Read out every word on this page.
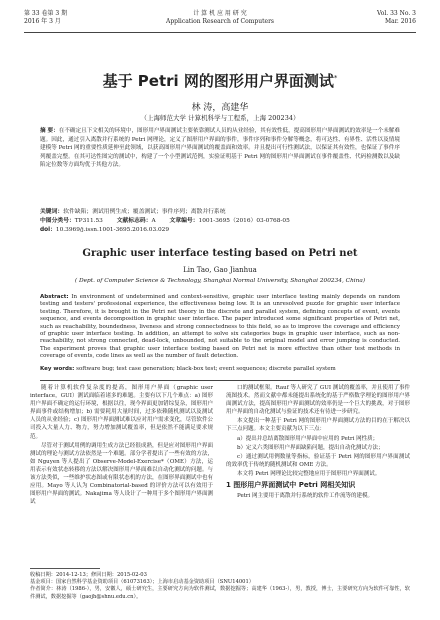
第 33 卷第 3 期
2016 年 3 月
计 算 机 应 用 研 究
Application Research of Computers
Vol. 33 No. 3
Mar. 2016
基于 Petri 网的图形用户界面测试*
林 涛，高建华
（上海师范大学 计算机科学与工程系，上海 200234）
摘 要：在不确定且下文相关的环境中，图形用户界面测试主要依靠测试人员的从业经验，其有效性低，提高图形用户界面测试的效率是一个未解难题。因此，通过引入离散并行系统的 Petri 网理论，定义了图形用户界面的事件，事件序列和事件分解等概念，将可达性、有界性、活性以及情境建模等 Petri 网的重要性质延伸至此领域，以获高图形用户界面测试的覆盖面和效率。并且提出可行性测试法，以保证其有效性，也保证了事件序列覆盖完整。在其可达性图完的测试中，构建了一个小型测试范例，实验证明基于 Petri 网的图形用户界面测试在事件覆盖性、代码检测数以及缺陷定位数等方面均优于其他方法。
关键词：软件缺陷；测试用例生成；覆盖测试；事件序列；离散并行系统
中图分类号：TP311.53 文献标志码：A 文章编号：1001-3695（2016）03-0768-05
doi：10.3969/j.issn.1001-3695.2016.03.029
Graphic user interface testing based on Petri net
Lin Tao, Gao Jianhua
( Dept. of Computer Science & Technology, Shanghai Normal University, Shanghai 200234, China)
Abstract: In environment of undetermined and context-sensitive, graphic user interface testing mainly depends on random testing and testers' professional experience, the effectiveness being low. It is an unresolved puzzle for graphic user interface testing. Therefore, it is brought in the Petri net theory in the discrete and parallel system, defining concepts of event, events sequence, and events decomposition in graphic user interface. The paper introduced some significant properties of Petri net, such as reachability, boundedness, liveness and strong connectedness to this field, so as to improve the coverage and efficiency of graphic user interface testing. In addition, an attempt to solve six categories bugs in graphic user interface, such as non-reachability, not strong connected, dead-lock, unbounded, not suitable to the original model and error jumping is conducted. The experiment proves that graphic user interface testing based on Petri net is more effective than other test methods in coverage of events, code lines as well as the number of fault detection.
Key words: software bug; test case generation; black-box test; event sequences; discrete parallel system

随着计算机软件复杂度的提高，图形用户界面（graphic user interface，GUI）测试面临着诸多的难题。主要有以下几个难点：a) 图形用户界面不确定的运行环境，根据以往，现今界面更加错综复杂，图形用户界面事件或结构增加；b) 需要耗用大量时间，过多依赖随机测试以及测试人员的从业经验；c) 图形用户界面测试难以应对用户需求变化，尽管软件公司投入大量人力、物力，努力增加测试覆盖率，但是依然不能满足要求规范。

尽管对于测试用例的调用生成方法已经很成熟，但是应对图形用户界面测试的理论与测试方法依然是一个难题。部分学者提出了一些有效的方法，如 Nguyen 等人提出了 Observe-Model-Exercise*（OME）方法，运用表示有效状态转移的方法以解决图形用户界面难以自动化测试的问题。与该方法类似，一些维护状态图或有限状态机的方法，在图形界面测试中也有应用。Mayo 等人认为 Combinatorial-based 的评价方法可以有效用于图形用户界面的测试。Nakajima 等人设计了一种用于多个图形用户界面测试

口的测试框架。Rauf 等人研究了 GUI 测试的覆盖率，并且使用了事件流图技术。然而文献中都未能提出系统化的基于严格数学理论的图形用户界面测试方法，提高图形用户界面测试的效率仍是一个巨大的挑战，对于图形用户界面的自动化测试与验证的技术还有待进一步研究。

本文提出一种基于 Petri 网的图形用户界面测试方法的目的在于解决以下三点问题。本文主要贡献为以下三点：

a）提出并总结离散图形用户界面中应用的 Petri 网性质；

b）定义六类图形用户界面缺陷问题，提出自动化测试方法；

c）通过测试用例数量等指标，验证基于 Petri 网的图形用户界面测试的效率优于传统的随机测试和 OME 方法。

本文将 Petri 网理论比较完整地应用于图形用户界面测试。

1 图形用户界面测试中 Petri 网相关知识

Petri 网主要用于离散并行系统的软件工作流等的建模。

收稿日期：2014-12-13；修回日期：2015-02-03
基金项目：国家自然科学基金资助项目（61073163）；上海市启动基金资助项目（SNU14001）
作者简介：林涛（1986-），男，安徽人，硕士研究生，主要研究方向为软件测试，数据挖掘等；高建华（1963-），男，教授，博士，主要研究方向为软件可靠性，软件测试，数据挖掘等（gaojh@shnu.edu.cn）。
